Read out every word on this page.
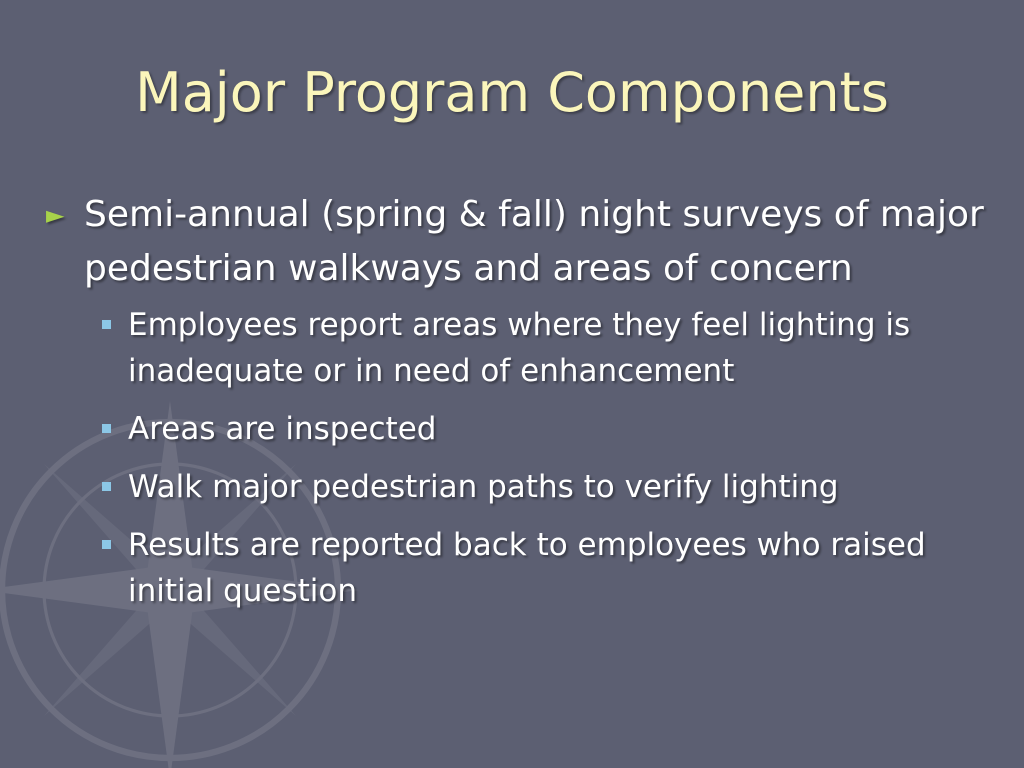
Major Program Components
► Semi-annual (spring & fall) night surveys of major pedestrian walkways and areas of concern
Employees report areas where they feel lighting is inadequate or in need of enhancement
Areas are inspected
Walk major pedestrian paths to verify lighting
Results are reported back to employees who raised initial question
